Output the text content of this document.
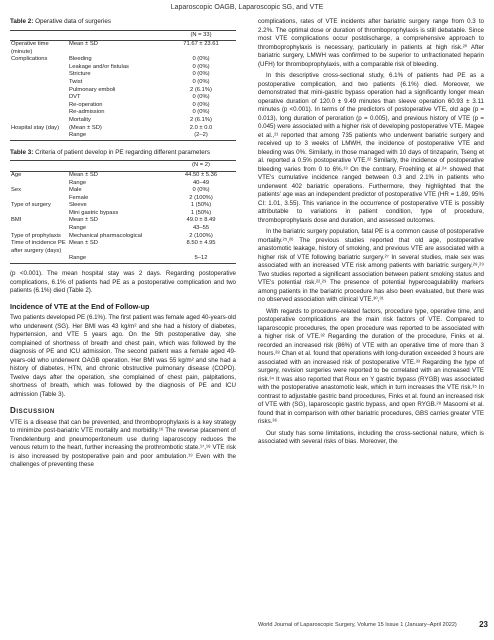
Laparoscopic OAGB, Laparoscopic SG, and VTE
Table 2: Operative data of surgeries
		(N = 33)
Operative time (minute)	Mean ± SD	71.67 ± 23.61
Complications	Bleeding	0 (0%)
	Leakage and/or fistulas	0 (0%)
	Stricture	0 (0%)
	Twist	0 (0%)
	Pulmonary emboli	2 (6.1%)
	DVT	0 (0%)
	Re-operation	0 (0%)
	Re-admission	0 (0%)
	Mortality	2 (6.1%)
Hospital stay (day)	(Mean ± SD)	2.0 ± 0.0
	Range	(2–2)
Table 3: Criteria of patient develop in PE regarding different parameters
		(N = 2)
Age	Mean ± SD	44.50 ± 5.36
	Range	40–49
Sex	Male	0 (0%)
	Female	2 (100%)
Type of surgery	Sleeve	1 (50%)
	Mini gastric bypass	1 (50%)
BMI	Mean ± SD	49.0 ± 8.49
	Range	43–55
Type of prophylaxis	Mechanical pharmacological	2 (100%)
Time of incidence PE after surgery (days)	Mean ± SD	8.50 ± 4.95
	Range	5–12

(p <0.001). The mean hospital stay was 2 days. Regarding postoperative complications, 6.1% of patients had PE as a postoperative complication and two patients (6.1%) died (Table 2).

Incidence of VTE at the End of Follow-up

Two patients developed PE (6.1%). The first patient was female aged 40-years-old who underwent (SG). Her BMI was 43 kg/m² and she had a history of diabetes, hypertension, and VTE 5 years ago. On the 5th postoperative day, she complained of shortness of breath and chest pain, which was followed by the diagnosis of PE and ICU admission. The second patient was a female aged 49-years-old who underwent OAGB operation. Her BMI was 55 kg/m² and she had a history of diabetes, HTN, and chronic obstructive pulmonary disease (COPD). Twelve days after the operation, she complained of chest pain, palpitations, shortness of breath, which was followed by the diagnosis of PE and ICU admission (Table 3).

Discussion

VTE is a disease that can be prevented, and thromboprophylaxis is a key strategy to minimize post-bariatric VTE mortality and morbidity.¹⁶ The reverse placement of Trendelenburg and pneumoperitoneum use during laparoscopy reduces the venous return to the heart, further increasing the prothrombotic state.¹⁷,¹⁸ VTE risk is also increased by postoperative pain and poor ambulation.¹⁹ Even with the challenges of preventing these

complications, rates of VTE incidents after bariatric surgery range from 0.3 to 2.2%. The optimal dose or duration of thromboprophylaxis is still debatable. Since most VTE complications occur postdischarge, a comprehensive approach to thromboprophylaxis is necessary, particularly in patients at high risk.²⁰ After bariatric surgery, LMWH was confirmed to be superior to unfractionated heparin (UFH) for thromboprophylaxis, with a comparable risk of bleeding.

In this descriptive cross-sectional study, 6.1% of patients had PE as a postoperative complication, and two patients (6.1%) died. Moreover, we demonstrated that mini-gastric bypass operation had a significantly longer mean operative duration of 120.0 ± 9.49 minutes than sleeve operation 60.93 ± 3.11 minutes (p <0.001). In terms of the predictors of postoperative VTE, old age (p = 0.013), long duration of peroration (p = 0.005), and previous history of VTE (p = 0.045) were associated with a higher risk of developing postoperative VTE. Magee et al.,²¹ reported that among 735 patients who underwent bariatric surgery and received up to 3 weeks of LMWH, the incidence of postoperative VTE and bleeding was 0%. Similarly, in those managed with 10 days of tinzaparin, Tseng et al. reported a 0.5% postoperative VTE.²² Similarly, the incidence of postoperative bleeding varies from 0 to 6%.¹³ On the contrary, Froehling et al.²⁴ showed that VTE's cumulative incidence ranged between 0.3 and 2.1% in patients who underwent 402 bariatric operations. Furthermore, they highlighted that the patients' age was an independent predictor of postoperative VTE (HR = 1.89, 95% CI: 1.01, 3.55). This variance in the occurrence of postoperative VTE is possibly attributable to variations in patient condition, type of procedure, thromboprophylaxis dose and duration, and assessed outcomes.

In the bariatric surgery population, fatal PE is a common cause of postoperative mortality.²⁵,²⁶ The previous studies reported that old age, postoperative anastomotic leakage, history of smoking, and previous VTE are associated with a higher risk of VTE following bariatric surgery.²⁷ In several studies, male sex was associated with an increased VTE risk among patients with bariatric surgery.²⁸,²⁹ Two studies reported a significant association between patient smoking status and VTE's potential risk.²²,²⁹ The presence of potential hypercoagulability markers among patients in the bariatric procedure has also been evaluated, but there was no observed association with clinical VTE.³⁰,³¹

With regards to procedure-related factors, procedure type, operative time, and postoperative complications are the main risk factors of VTE. Compared to laparoscopic procedures, the open procedure was reported to be associated with a higher risk of VTE.³² Regarding the duration of the procedure, Finks et al. recorded an increased risk (86%) of VTE with an operative time of more than 3 hours.²⁸ Chan et al. found that operations with long-duration exceeded 3 hours are associated with an increased risk of postoperative VTE.³³ Regarding the type of surgery, revision surgeries were reported to be correlated with an increased VTE risk.³⁴ It was also reported that Roux en Y gastric bypass (RYGB) was associated with the postoperative anastomotic leak, which in turn increases the VTE risk.³⁵ In contrast to adjustable gastric band procedures, Finks et al. found an increased risk of VTE with (SG), laparoscopic gastric bypass, and open RYGB.²⁸ Masoomi et al. found that in comparison with other bariatric procedures, GBS carries greater VTE risks.³⁶

Our study has some limitations, including the cross-sectional nature, which is associated with several risks of bias. Moreover, the

World Journal of Laparoscopic Surgery, Volume 15 Issue 1 (January–April 2022)	23
